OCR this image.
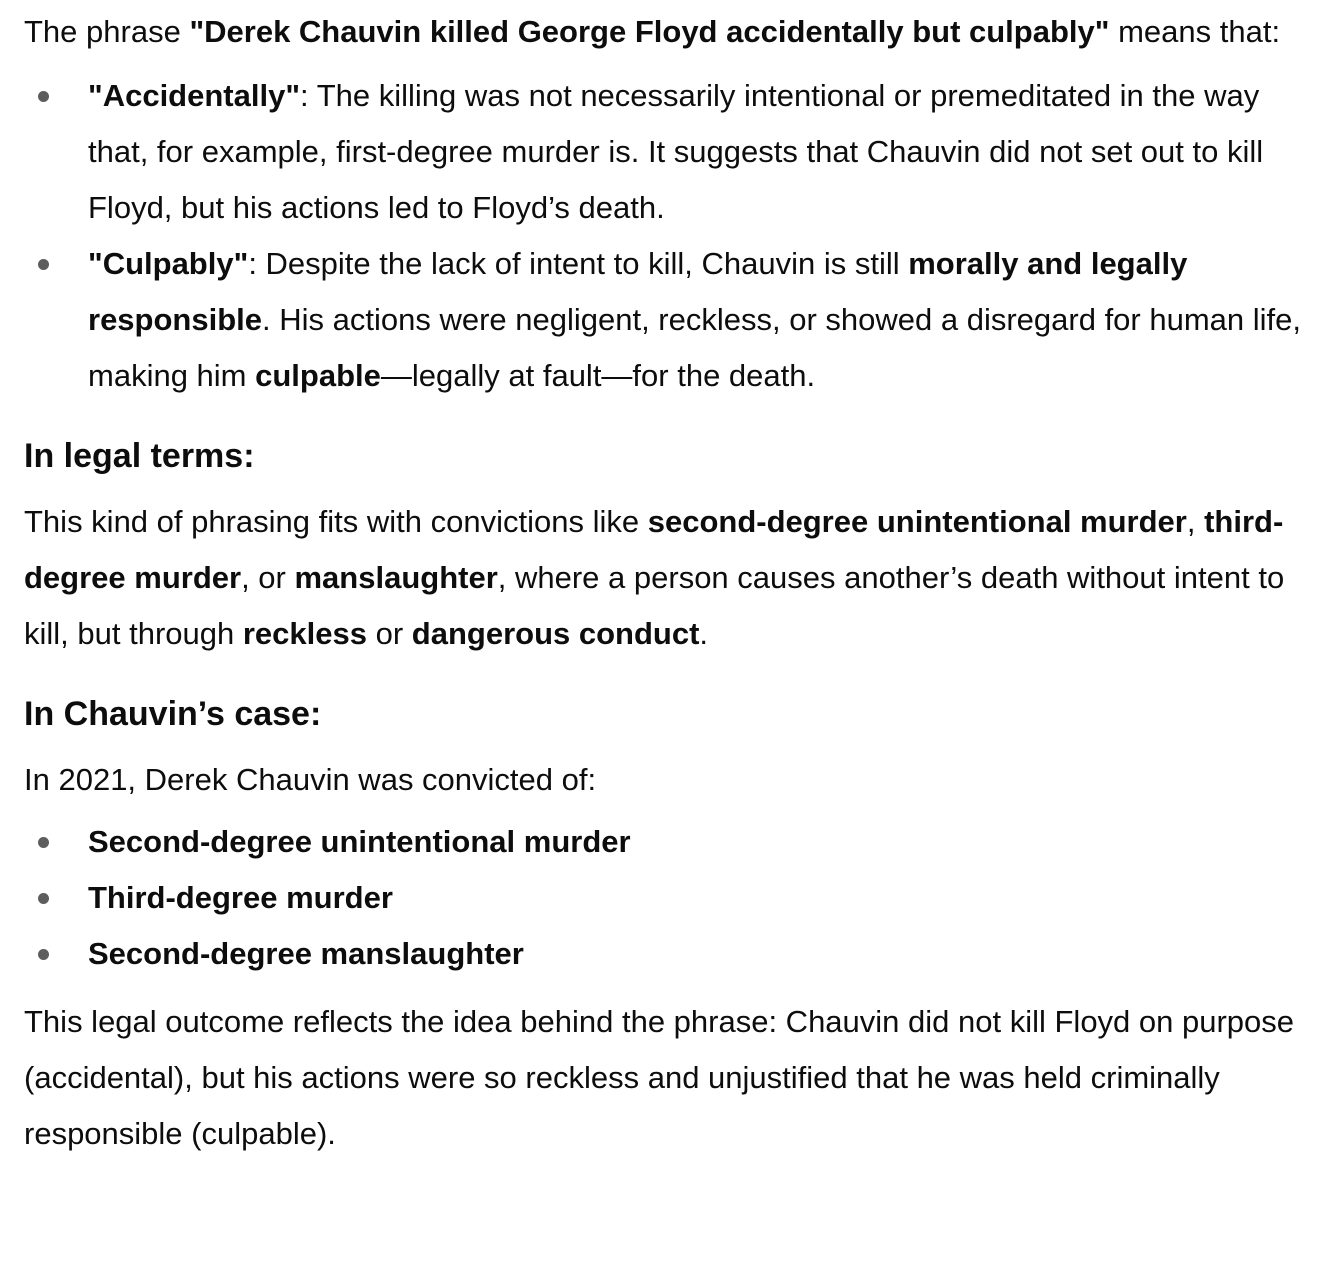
The phrase "Derek Chauvin killed George Floyd accidentally but culpably" means that:

"Accidentally": The killing was not necessarily intentional or premeditated in the way that, for example, first-degree murder is. It suggests that Chauvin did not set out to kill Floyd, but his actions led to Floyd’s death.
"Culpably": Despite the lack of intent to kill, Chauvin is still morally and legally responsible. His actions were negligent, reckless, or showed a disregard for human life, making him culpable—legally at fault—for the death.
In legal terms:

This kind of phrasing fits with convictions like second-degree unintentional murder, third-degree murder, or manslaughter, where a person causes another’s death without intent to kill, but through reckless or dangerous conduct.

In Chauvin’s case:

In 2021, Derek Chauvin was convicted of:

Second-degree unintentional murder
Third-degree murder
Second-degree manslaughter

This legal outcome reflects the idea behind the phrase: Chauvin did not kill Floyd on purpose (accidental), but his actions were so reckless and unjustified that he was held criminally responsible (culpable).
